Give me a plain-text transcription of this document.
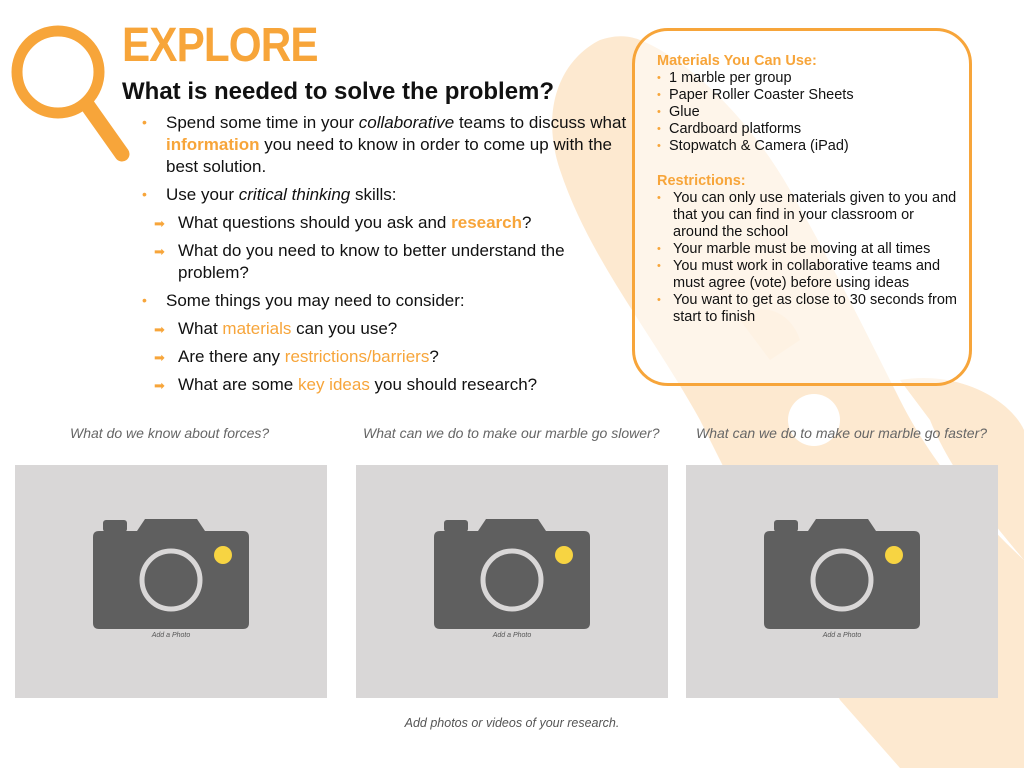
EXPLORE
What is needed to solve the problem?
• Spend some time in your collaborative teams to discuss what information you need to know in order to come up with the best solution.
• Use your critical thinking skills:
➡ What questions should you ask and research?
➡ What do you need to know to better understand the problem?
• Some things you may need to consider:
➡ What materials can you use?
➡ Are there any restrictions/barriers?
➡ What are some key ideas you should research?
Materials You Can Use:
• 1 marble per group
• Paper Roller Coaster Sheets
• Glue
• Cardboard platforms
• Stopwatch & Camera (iPad)
Restrictions:
• You can only use materials given to you and that you can find in your classroom or around the school
• Your marble must be moving at all times
• You must work in collaborative teams and must agree (vote) before using ideas
• You want to get as close to 30 seconds from start to finish
What do we know about forces?	What can we do to make our marble go slower?	What can we do to make our marble go faster?
Add a Photo	Add a Photo	Add a Photo
Add photos or videos of your research.
